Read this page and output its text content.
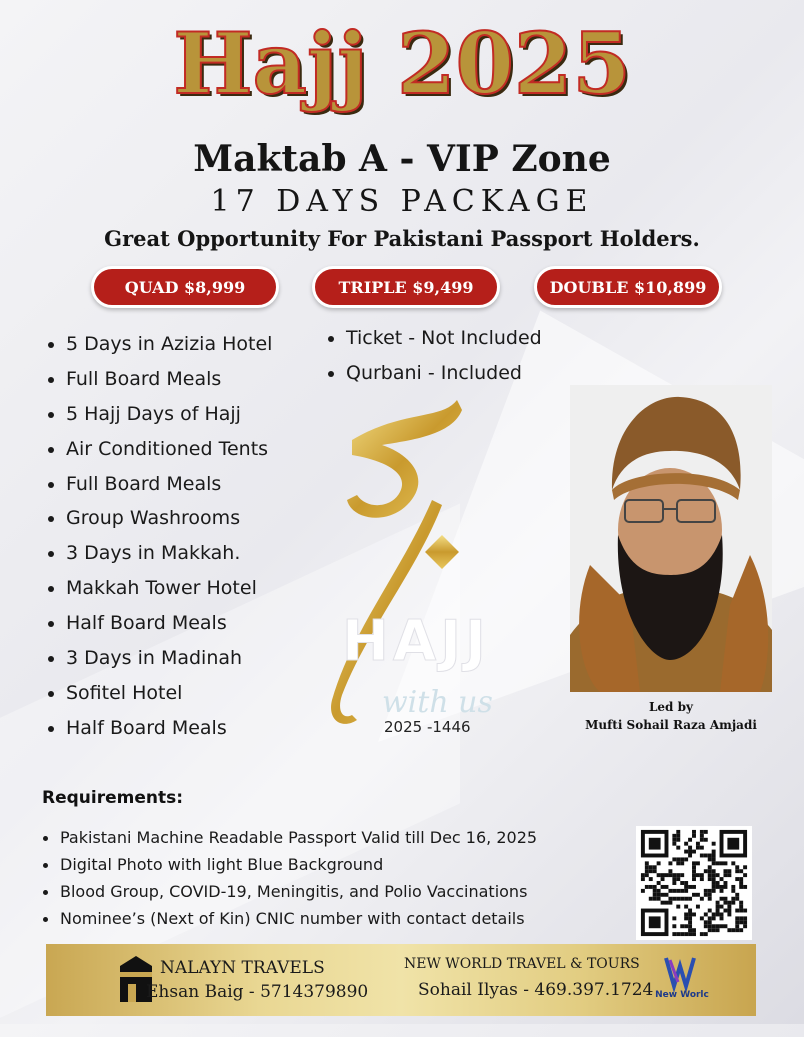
Hajj 2025
Maktab A - VIP Zone
17 DAYS PACKAGE
Great Opportunity For Pakistani Passport Holders.
QUAD $8,999	TRIPLE $9,499	DOUBLE $10,899
5 Days in Azizia Hotel
Full Board Meals
5 Hajj Days of Hajj
Air Conditioned Tents
Full Board Meals
Group Washrooms
3 Days in Makkah.
Makkah Tower Hotel
Half Board Meals
3 Days in Madinah
Sofitel Hotel
Half Board Meals
Ticket - Not Included
Qurbani - Included
HAJJ
with us
2025 -1446
Led by
Mufti Sohail Raza Amjadi
Requirements:
Pakistani Machine Readable Passport Valid till Dec 16, 2025
Digital Photo with light Blue Background
Blood Group, COVID-19, Meningitis, and Polio Vaccinations
Nominee’s (Next of Kin) CNIC number with contact details
NALAYN TRAVELS
Ehsan Baig - 5714379890
NEW WORLD TRAVEL & TOURS
Sohail Ilyas - 469.397.1724 New Worlc
